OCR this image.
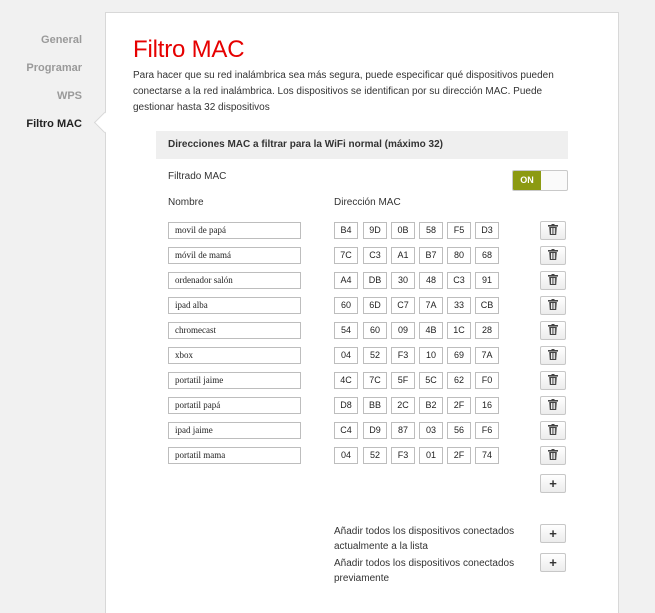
General
Programar
WPS
Filtro MAC
Filtro MAC

Para hacer que su red inalámbrica sea más segura, puede especificar qué dispositivos pueden conectarse a la red inalámbrica. Los dispositivos se identifican por su dirección MAC. Puede gestionar hasta 32 dispositivos

Direcciones MAC a filtrar para la WiFi normal (máximo 32)
Filtrado MAC	ON
Nombre	Dirección MAC
movil de papá	B4	9D	0B	58	F5	D3
móvil de mamá	7C	C3	A1	B7	80	68
ordenador salón	A4	DB	30	48	C3	91
ipad alba	60	6D	C7	7A	33	CB
chromecast	54	60	09	4B	1C	28
xbox	04	52	F3	10	69	7A
portatil jaime	4C	7C	5F	5C	62	F0
portatil papá	D8	BB	2C	B2	2F	16
ipad jaime	C4	D9	87	03	56	F6
portatil mama	04	52	F3	01	2F	74
+
Añadir todos los dispositivos conectados actualmente a la lista
+
Añadir todos los dispositivos conectados previamente
+
